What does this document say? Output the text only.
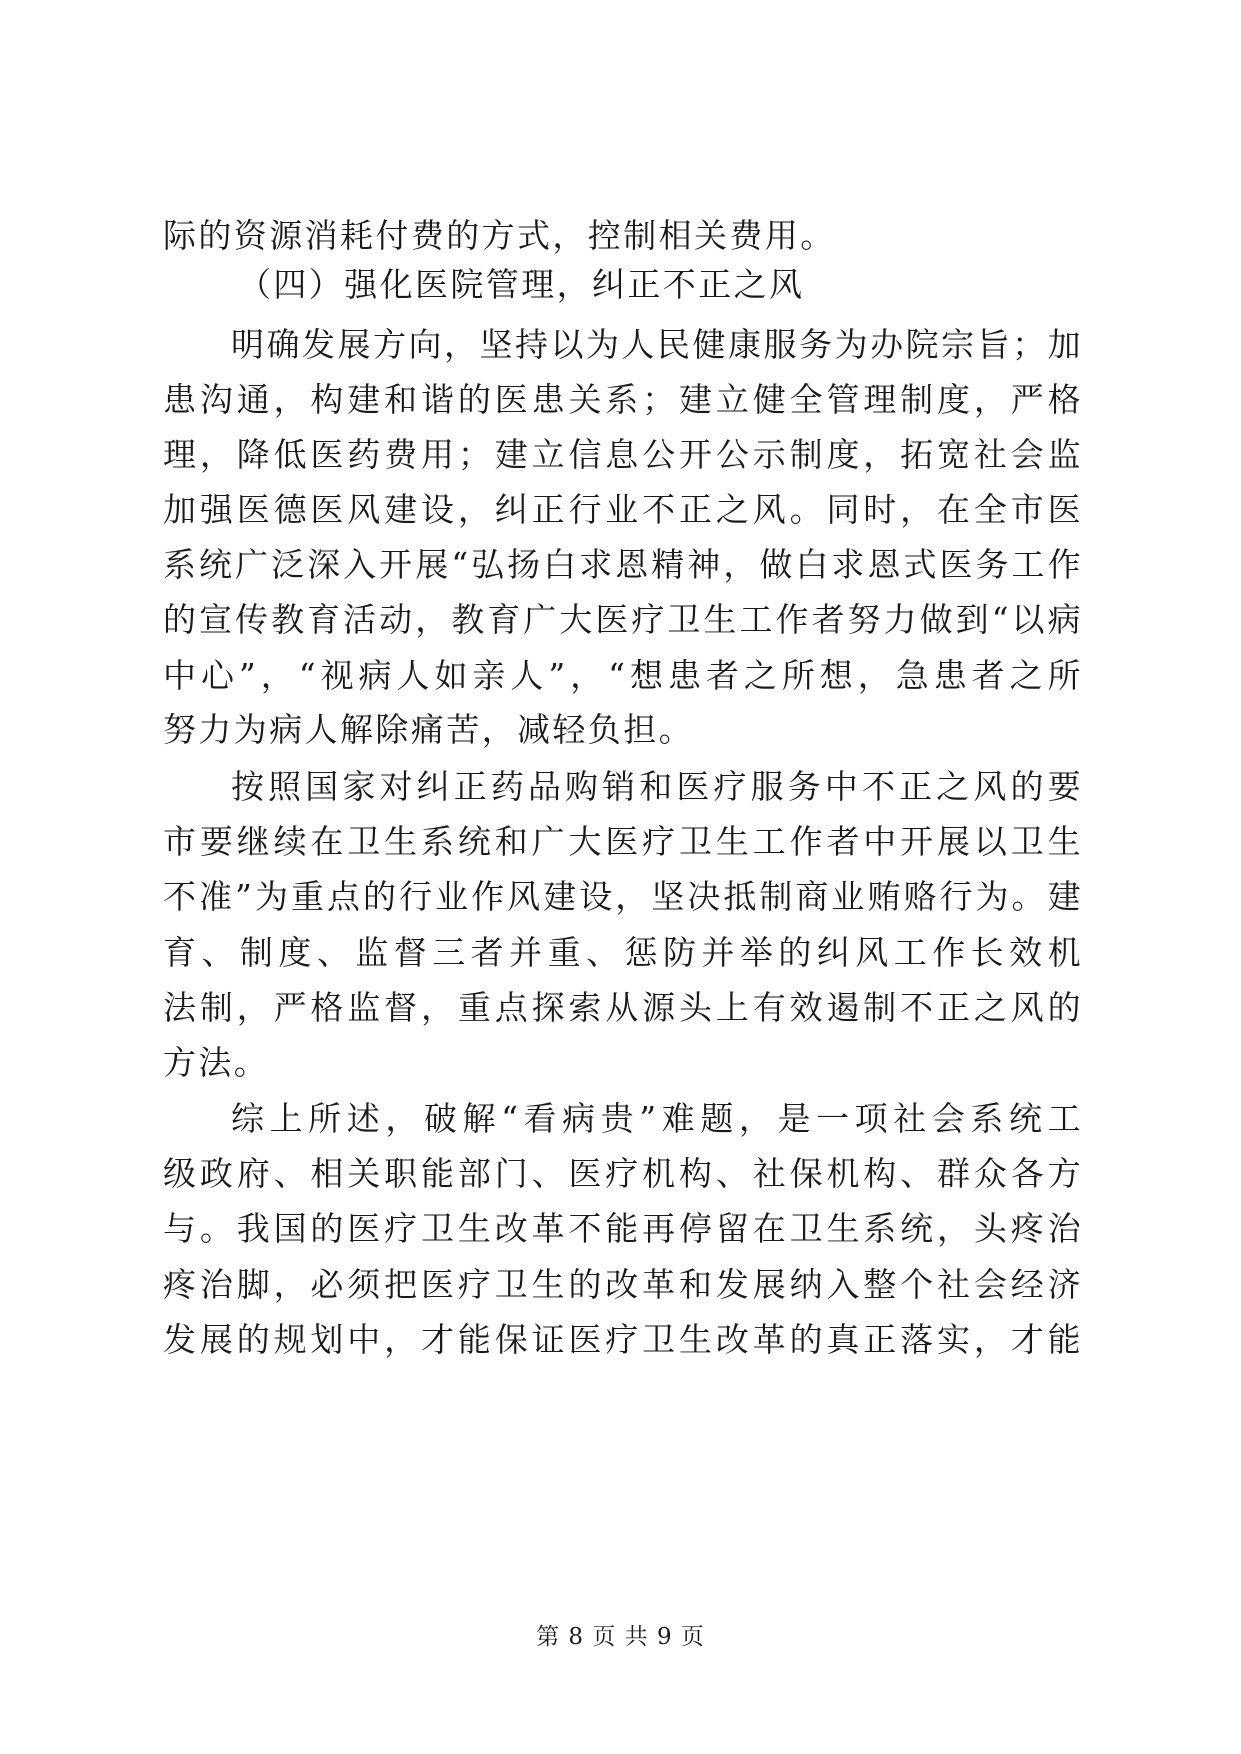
际的资源消耗付费的方式，控制相关费用。
（四）强化医院管理，纠正不正之风
明确发展方向，坚持以为人民健康服务为办院宗旨；加
患沟通，构建和谐的医患关系；建立健全管理制度，严格
理，降低医药费用；建立信息公开公示制度，拓宽社会监
加强医德医风建设，纠正行业不正之风。同时，在全市医
系统广泛深入开展“弘扬白求恩精神，做白求恩式医务工作
的宣传教育活动，教育广大医疗卫生工作者努力做到“以病
中心”，“视病人如亲人”，“想患者之所想，急患者之所
努力为病人解除痛苦，减轻负担。
按照国家对纠正药品购销和医疗服务中不正之风的要
市要继续在卫生系统和广大医疗卫生工作者中开展以卫生
不准”为重点的行业作风建设，坚决抵制商业贿赂行为。建
育、制度、监督三者并重、惩防并举的纠风工作长效机
法制，严格监督，重点探索从源头上有效遏制不正之风的
方法。
综上所述，破解“看病贵”难题，是一项社会系统工
级政府、相关职能部门、医疗机构、社保机构、群众各方
与。我国的医疗卫生改革不能再停留在卫生系统，头疼治
疼治脚，必须把医疗卫生的改革和发展纳入整个社会经济
发展的规划中，才能保证医疗卫生改革的真正落实，才能
第 8 页 共 9 页
